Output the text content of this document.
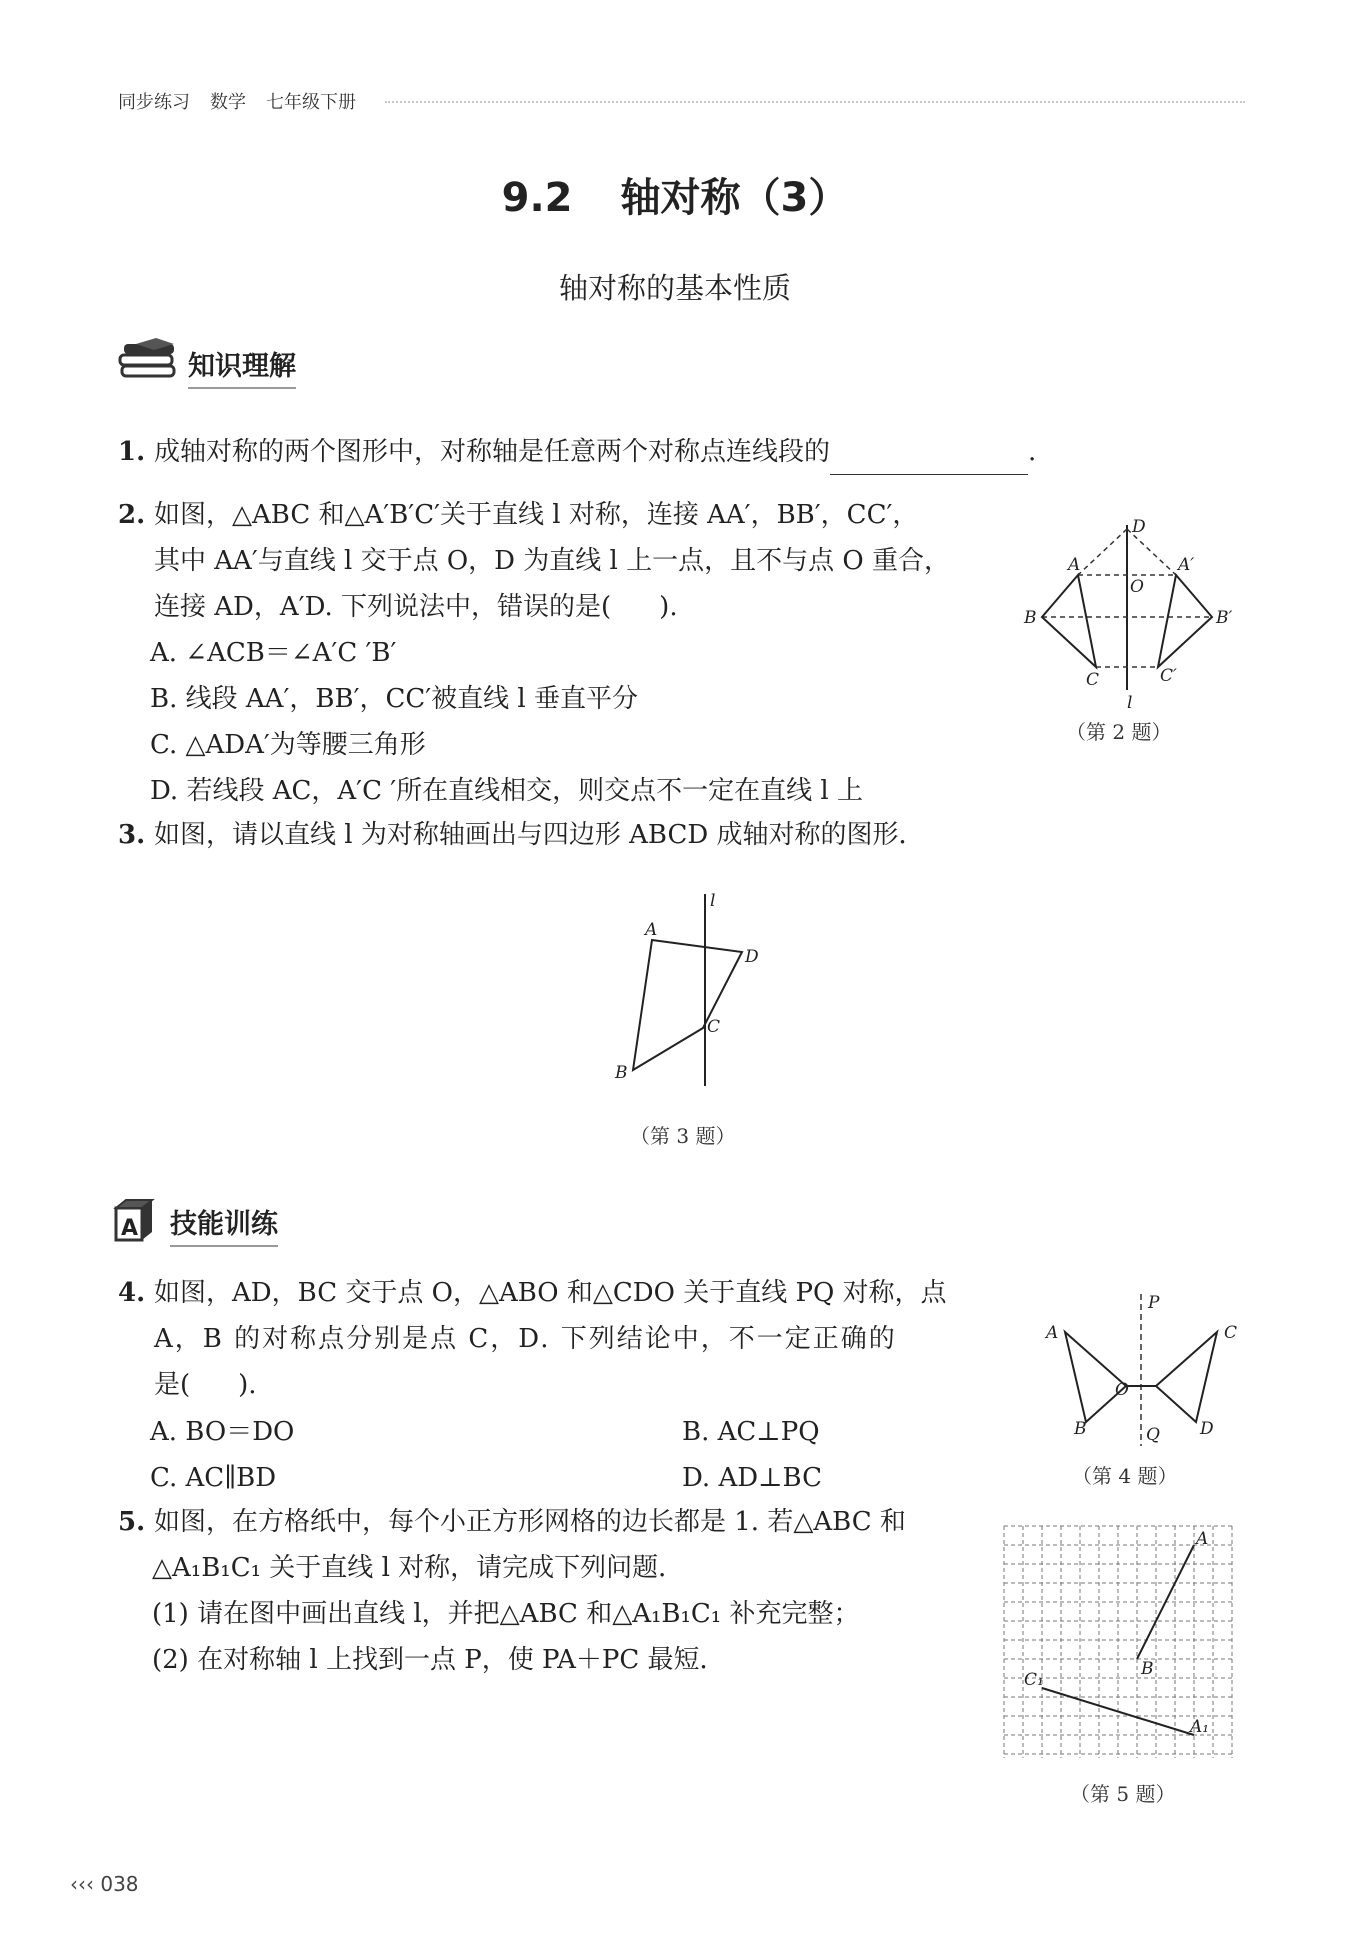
同步练习 数学 七年级下册
9.2 轴对称（3）
轴对称的基本性质
知识理解
1. 成轴对称的两个图形中，对称轴是任意两个对称点连线段的	.
2. 如图，△ABC 和△A′B′C′关于直线 l 对称，连接 AA′，BB′，CC′，
其中 AA′与直线 l 交于点 O，D 为直线 l 上一点，且不与点 O 重合，
连接 AD，A′D. 下列说法中，错误的是( ).
A. ∠ACB＝∠A′C ′B′
B. 线段 AA′，BB′，CC′被直线 l 垂直平分
C. △ADA′为等腰三角形
D. 若线段 AC，A′C ′所在直线相交，则交点不一定在直线 l 上
D
A	A′
O
B	B′
C	C′
l
（第 2 题）
3. 如图，请以直线 l 为对称轴画出与四边形 ABCD 成轴对称的图形．
l
A
D
C
B
（第 3 题）
A 技能训练
4. 如图，AD，BC 交于点 O，△ABO 和△CDO 关于直线 PQ 对称，点
A，B 的对称点分别是点 C，D. 下列结论中，不一定正确的
是( ).
A. BO＝DO	B. AC⊥PQ
C. AC∥BD	D. AD⊥BC
P
A	C
O
B	Q D
（第 4 题）
5. 如图，在方格纸中，每个小正方形网格的边长都是 1. 若△ABC 和
△A₁B₁C₁ 关于直线 l 对称，请完成下列问题．
(1) 请在图中画出直线 l，并把△ABC 和△A₁B₁C₁ 补充完整；
(2) 在对称轴 l 上找到一点 P，使 PA＋PC 最短．
A
B
C₁
A₁
（第 5 题）
‹‹‹ 038
